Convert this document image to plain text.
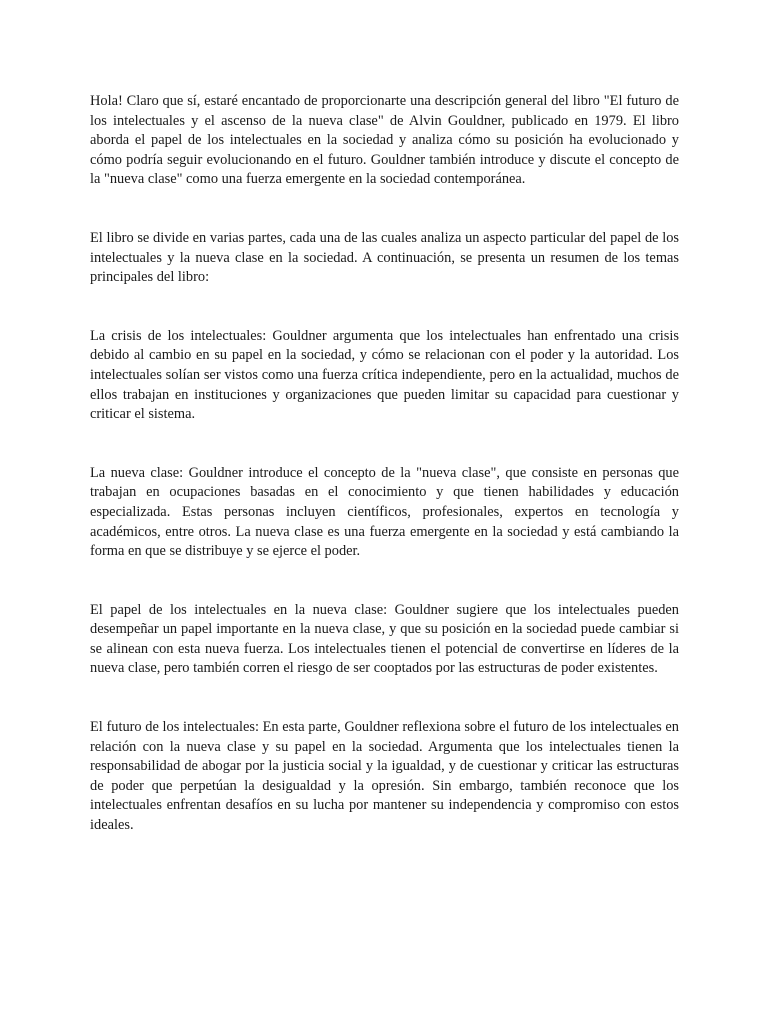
Hola! Claro que sí, estaré encantado de proporcionarte una descripción general del libro "El futuro de los intelectuales y el ascenso de la nueva clase" de Alvin Gouldner, publicado en 1979. El libro aborda el papel de los intelectuales en la sociedad y analiza cómo su posición ha evolucionado y cómo podría seguir evolucionando en el futuro. Gouldner también introduce y discute el concepto de la "nueva clase" como una fuerza emergente en la sociedad contemporánea.

El libro se divide en varias partes, cada una de las cuales analiza un aspecto particular del papel de los intelectuales y la nueva clase en la sociedad. A continuación, se presenta un resumen de los temas principales del libro:

La crisis de los intelectuales: Gouldner argumenta que los intelectuales han enfrentado una crisis debido al cambio en su papel en la sociedad, y cómo se relacionan con el poder y la autoridad. Los intelectuales solían ser vistos como una fuerza crítica independiente, pero en la actualidad, muchos de ellos trabajan en instituciones y organizaciones que pueden limitar su capacidad para cuestionar y criticar el sistema.

La nueva clase: Gouldner introduce el concepto de la "nueva clase", que consiste en personas que trabajan en ocupaciones basadas en el conocimiento y que tienen habilidades y educación especializada. Estas personas incluyen científicos, profesionales, expertos en tecnología y académicos, entre otros. La nueva clase es una fuerza emergente en la sociedad y está cambiando la forma en que se distribuye y se ejerce el poder.

El papel de los intelectuales en la nueva clase: Gouldner sugiere que los intelectuales pueden desempeñar un papel importante en la nueva clase, y que su posición en la sociedad puede cambiar si se alinean con esta nueva fuerza. Los intelectuales tienen el potencial de convertirse en líderes de la nueva clase, pero también corren el riesgo de ser cooptados por las estructuras de poder existentes.

El futuro de los intelectuales: En esta parte, Gouldner reflexiona sobre el futuro de los intelectuales en relación con la nueva clase y su papel en la sociedad. Argumenta que los intelectuales tienen la responsabilidad de abogar por la justicia social y la igualdad, y de cuestionar y criticar las estructuras de poder que perpetúan la desigualdad y la opresión. Sin embargo, también reconoce que los intelectuales enfrentan desafíos en su lucha por mantener su independencia y compromiso con estos ideales.
